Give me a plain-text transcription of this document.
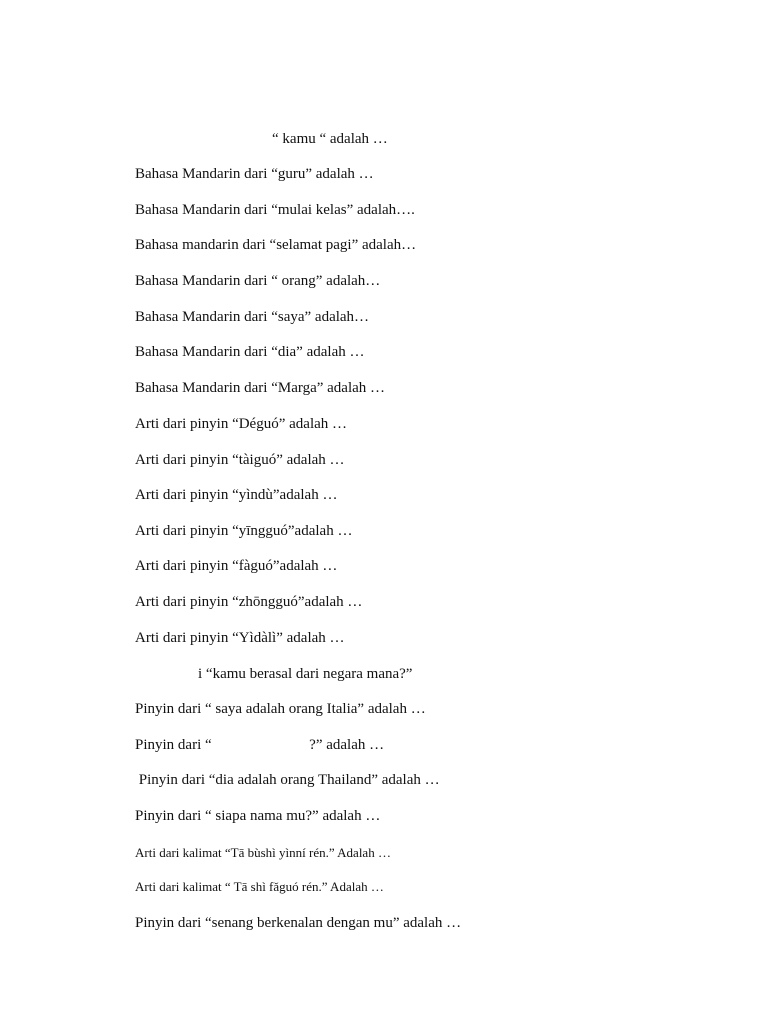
“ kamu “ adalah …
Bahasa Mandarin dari “guru” adalah …
Bahasa Mandarin dari “mulai kelas” adalah….
Bahasa mandarin dari “selamat pagi” adalah…
Bahasa Mandarin dari “ orang” adalah…
Bahasa Mandarin dari “saya” adalah…
Bahasa Mandarin dari “dia” adalah …
Bahasa Mandarin dari “Marga” adalah …
Arti dari pinyin “Déguó” adalah …
Arti dari pinyin “tàiguó” adalah …
Arti dari pinyin “yìndù”adalah …
Arti dari pinyin “yīngguó”adalah …
Arti dari pinyin “fàguó”adalah …
Arti dari pinyin “zhōngguó”adalah …
Arti dari pinyin “Yìdàlì” adalah …
i “kamu berasal dari negara mana?”
Pinyin dari “ saya adalah orang Italia” adalah …
Pinyin dari “                          ?” adalah …
Pinyin dari “dia adalah orang Thailand” adalah …
Pinyin dari “ siapa nama mu?” adalah …
Arti dari kalimat “Tā bùshì yìnní rén.” Adalah …
Arti dari kalimat “ Tā shì fǎguó rén.” Adalah …
Pinyin dari “senang berkenalan dengan mu” adalah …
